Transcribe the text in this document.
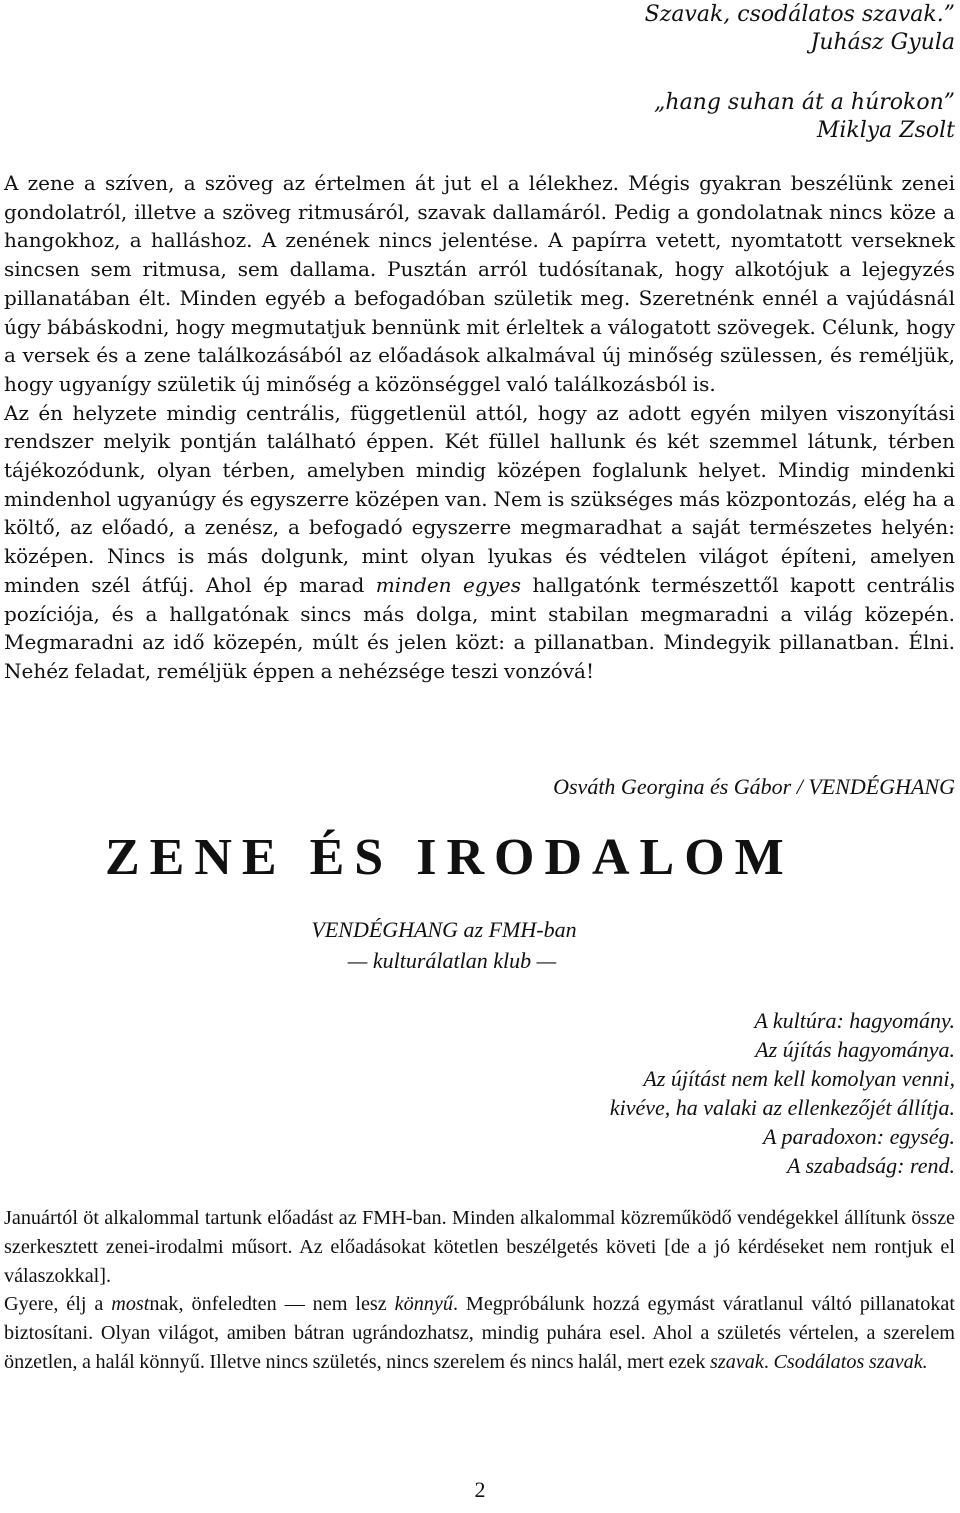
Szavak, csodálatos szavak.”
Juhász Gyula
„hang suhan át a húrokon”
Miklya Zsolt

A zene a szíven, a szöveg az értelmen át jut el a lélekhez. Mégis gyakran beszélünk zenei gondolatról, illetve a szöveg ritmusáról, szavak dallamáról. Pedig a gondolatnak nincs köze a hangokhoz, a halláshoz. A zenének nincs jelentése. A papírra vetett, nyomtatott verseknek sincsen sem ritmusa, sem dallama. Pusztán arról tudósítanak, hogy alkotójuk a lejegyzés pillanatában élt. Minden egyéb a befogadóban születik meg. Szeretnénk ennél a vajúdásnál úgy bábáskodni, hogy megmutatjuk bennünk mit érleltek a válogatott szövegek. Célunk, hogy a versek és a zene találkozásából az előadások alkalmával új minőség szülessen, és reméljük, hogy ugyanígy születik új minőség a közönséggel való találkozásból is.

Az én helyzete mindig centrális, függetlenül attól, hogy az adott egyén milyen viszonyítási rendszer melyik pontján található éppen. Két füllel hallunk és két szemmel látunk, térben tájékozódunk, olyan térben, amelyben mindig középen foglalunk helyet. Mindig mindenki mindenhol ugyanúgy és egyszerre középen van. Nem is szükséges más központozás, elég ha a költő, az előadó, a zenész, a befogadó egyszerre megmaradhat a saját természetes helyén: középen. Nincs is más dolgunk, mint olyan lyukas és védtelen világot építeni, amelyen minden szél átfúj. Ahol ép marad minden egyes hallgatónk természettől kapott centrális pozíciója, és a hallgatónak sincs más dolga, mint stabilan megmaradni a világ közepén. Megmaradni az idő közepén, múlt és jelen közt: a pillanatban. Mindegyik pillanatban. Élni. Nehéz feladat, reméljük éppen a nehézsége teszi vonzóvá!

Osváth Georgina és Gábor / VENDÉGHANG
ZENE ÉS IRODALOM
VENDÉGHANG az FMH-ban
— kulturálatlan klub —
A kultúra: hagyomány.
Az újítás hagyománya.
Az újítást nem kell komolyan venni,
kivéve, ha valaki az ellenkezőjét állítja.
A paradoxon: egység.
A szabadság: rend.

Januártól öt alkalommal tartunk előadást az FMH-ban. Minden alkalommal közreműködő vendégekkel állítunk össze szerkesztett zenei-irodalmi műsort. Az előadásokat kötetlen beszélgetés követi [de a jó kérdéseket nem rontjuk el válaszokkal].

Gyere, élj a mostnak, önfeledten — nem lesz könnyű. Megpróbálunk hozzá egymást váratlanul váltó pillanatokat biztosítani. Olyan világot, amiben bátran ugrándozhatsz, mindig puhára esel. Ahol a születés vértelen, a szerelem önzetlen, a halál könnyű. Illetve nincs születés, nincs szerelem és nincs halál, mert ezek szavak. Csodálatos szavak.

2
